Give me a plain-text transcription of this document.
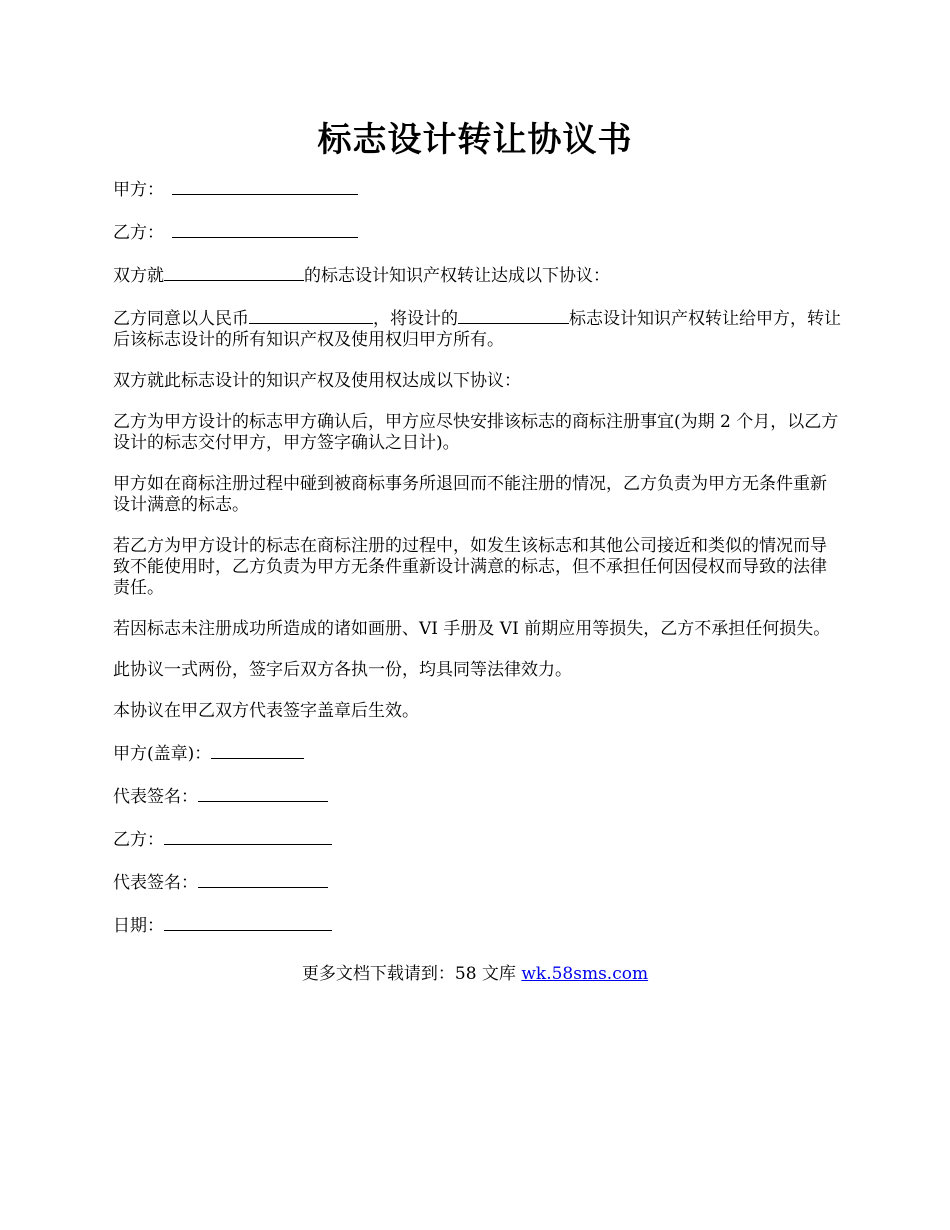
标志设计转让协议书

甲方：

乙方：

双方就	的标志设计知识产权转让达成以下协议：

乙方同意以人民币	，将设计的	标志设计知识产权转让给甲方，转让后该标志设计的所有知识产权及使用权归甲方所有。

双方就此标志设计的知识产权及使用权达成以下协议：

乙方为甲方设计的标志甲方确认后，甲方应尽快安排该标志的商标注册事宜(为期 2 个月，以乙方设计的标志交付甲方，甲方签字确认之日计)。

甲方如在商标注册过程中碰到被商标事务所退回而不能注册的情况，乙方负责为甲方无条件重新设计满意的标志。

若乙方为甲方设计的标志在商标注册的过程中，如发生该标志和其他公司接近和类似的情况而导致不能使用时，乙方负责为甲方无条件重新设计满意的标志，但不承担任何因侵权而导致的法律责任。

若因标志未注册成功所造成的诸如画册、VI 手册及 VI 前期应用等损失，乙方不承担任何损失。

此协议一式两份，签字后双方各执一份，均具同等法律效力。

本协议在甲乙双方代表签字盖章后生效。

甲方(盖章)：

代表签名：

乙方：

代表签名：

日期：

更多文档下载请到：58 文库 wk.58sms.com
